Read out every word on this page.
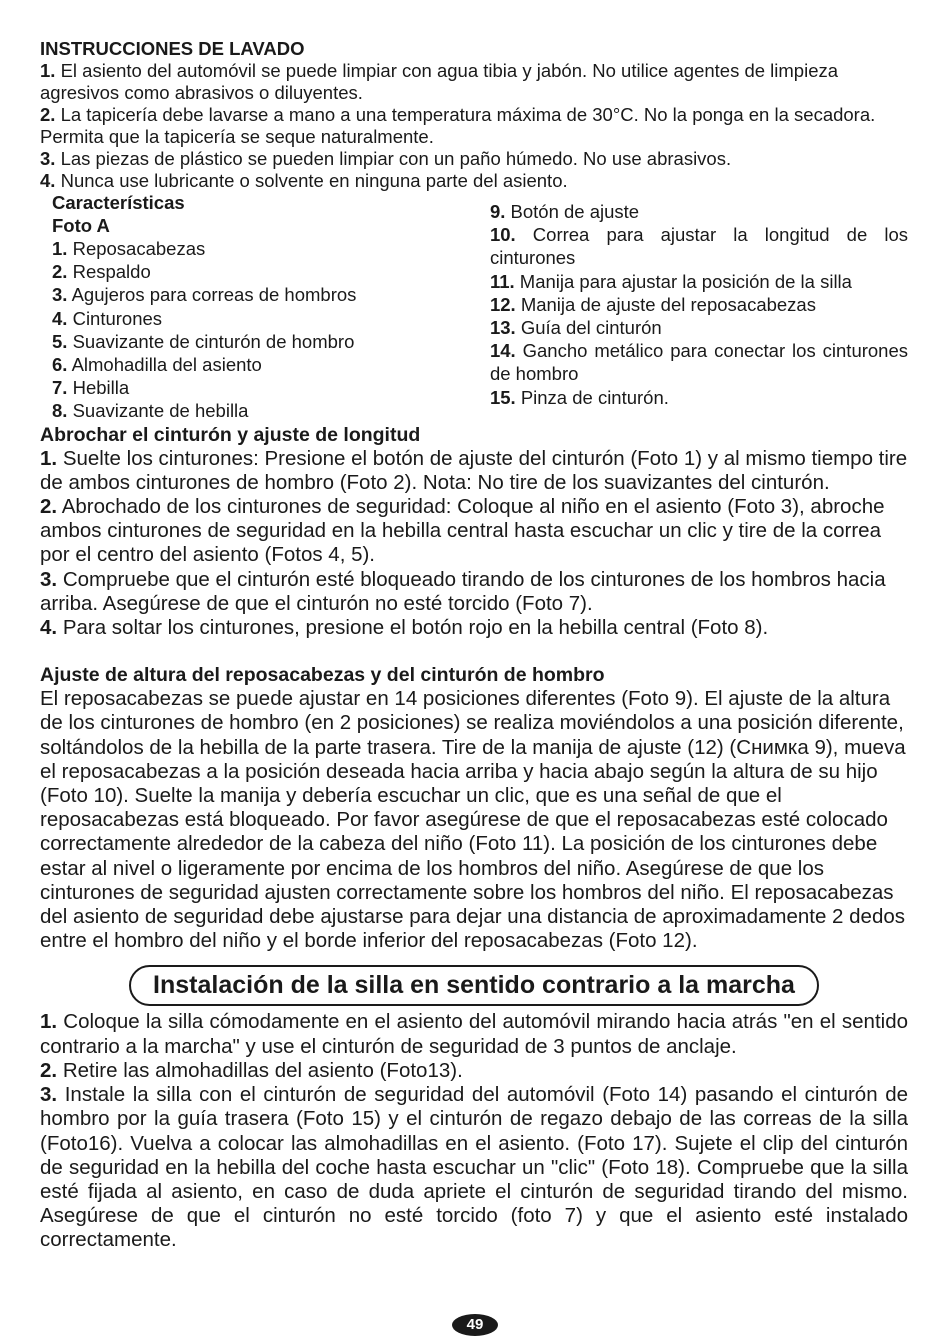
INSTRUCCIONES DE LAVADO

1. El asiento del automóvil se puede limpiar con agua tibia y jabón. No utilice agentes de limpieza agresivos como abrasivos o diluyentes.

2. La tapicería debe lavarse a mano a una temperatura máxima de 30°C. No la ponga en la secadora. Permita que la tapicería se seque naturalmente.

3. Las piezas de plástico se pueden limpiar con un paño húmedo. No use abrasivos.

4. Nunca use lubricante o solvente en ninguna parte del asiento.

Características

Foto A

1. Reposacabezas

2. Respaldo

3. Agujeros para correas de hombros

4. Cinturones

5. Suavizante de cinturón de hombro

6. Almohadilla del asiento

7. Hebilla

8. Suavizante de hebilla

9. Botón de ajuste

10. Correa para ajustar la longitud de los cinturones

11. Manija para ajustar la posición de la silla

12. Manija de ajuste del reposacabezas

13. Guía del cinturón

14. Gancho metálico para conectar los cinturones de hombro

15. Pinza de cinturón.

Abrochar el cinturón y ajuste de longitud

1. Suelte los cinturones: Presione el botón de ajuste del cinturón (Foto 1) y al mismo tiempo tire de ambos cinturones de hombro (Foto 2). Nota: No tire de los suavizantes del cinturón.

2. Abrochado de los cinturones de seguridad: Coloque al niño en el asiento (Foto 3), abroche ambos cinturones de seguridad en la hebilla central hasta escuchar un clic y tire de la correa por el centro del asiento (Fotos 4, 5).

3. Compruebe que el cinturón esté bloqueado tirando de los cinturones de los hombros hacia arriba. Asegúrese de que el cinturón no esté torcido (Foto 7).

4. Para soltar los cinturones, presione el botón rojo en la hebilla central (Foto 8).

Ajuste de altura del reposacabezas y del cinturón de hombro

El reposacabezas se puede ajustar en 14 posiciones diferentes (Foto 9). El ajuste de la altura de los cinturones de hombro (en 2 posiciones) se realiza moviéndolos a una posición diferente, soltándolos de la hebilla de la parte trasera. Tire de la manija de ajuste (12) (Снимка 9), mueva el reposacabezas a la posición deseada hacia arriba y hacia abajo según la altura de su hijo (Foto 10). Suelte la manija y debería escuchar un clic, que es una señal de que el reposacabezas está bloqueado. Por favor asegúrese de que el reposacabezas esté colocado correctamente alrededor de la cabeza del niño (Foto 11). La posición de los cinturones debe estar al nivel o ligeramente por encima de los hombros del niño. Asegúrese de que los cinturones de seguridad ajusten correctamente sobre los hombros del niño. El reposacabezas del asiento de seguridad debe ajustarse para dejar una distancia de aproximadamente 2 dedos entre el hombro del niño y el borde inferior del reposacabezas (Foto 12).

Instalación de la silla en sentido contrario a la marcha

1. Coloque la silla cómodamente en el asiento del automóvil mirando hacia atrás "en el sentido contrario a la marcha" y use el cinturón de seguridad de 3 puntos de anclaje.

2. Retire las almohadillas del asiento (Foto13).

3. Instale la silla con el cinturón de seguridad del automóvil (Foto 14) pasando el cinturón de hombro por la guía trasera (Foto 15) y el cinturón de regazo debajo de las correas de la silla (Foto16). Vuelva a colocar las almohadillas en el asiento. (Foto 17). Sujete el clip del cinturón de seguridad en la hebilla del coche hasta escuchar un "clic" (Foto 18). Compruebe que la silla esté fijada al asiento, en caso de duda apriete el cinturón de seguridad tirando del mismo. Asegúrese de que el cinturón no esté torcido (foto 7) y que el asiento esté instalado correctamente.

49
